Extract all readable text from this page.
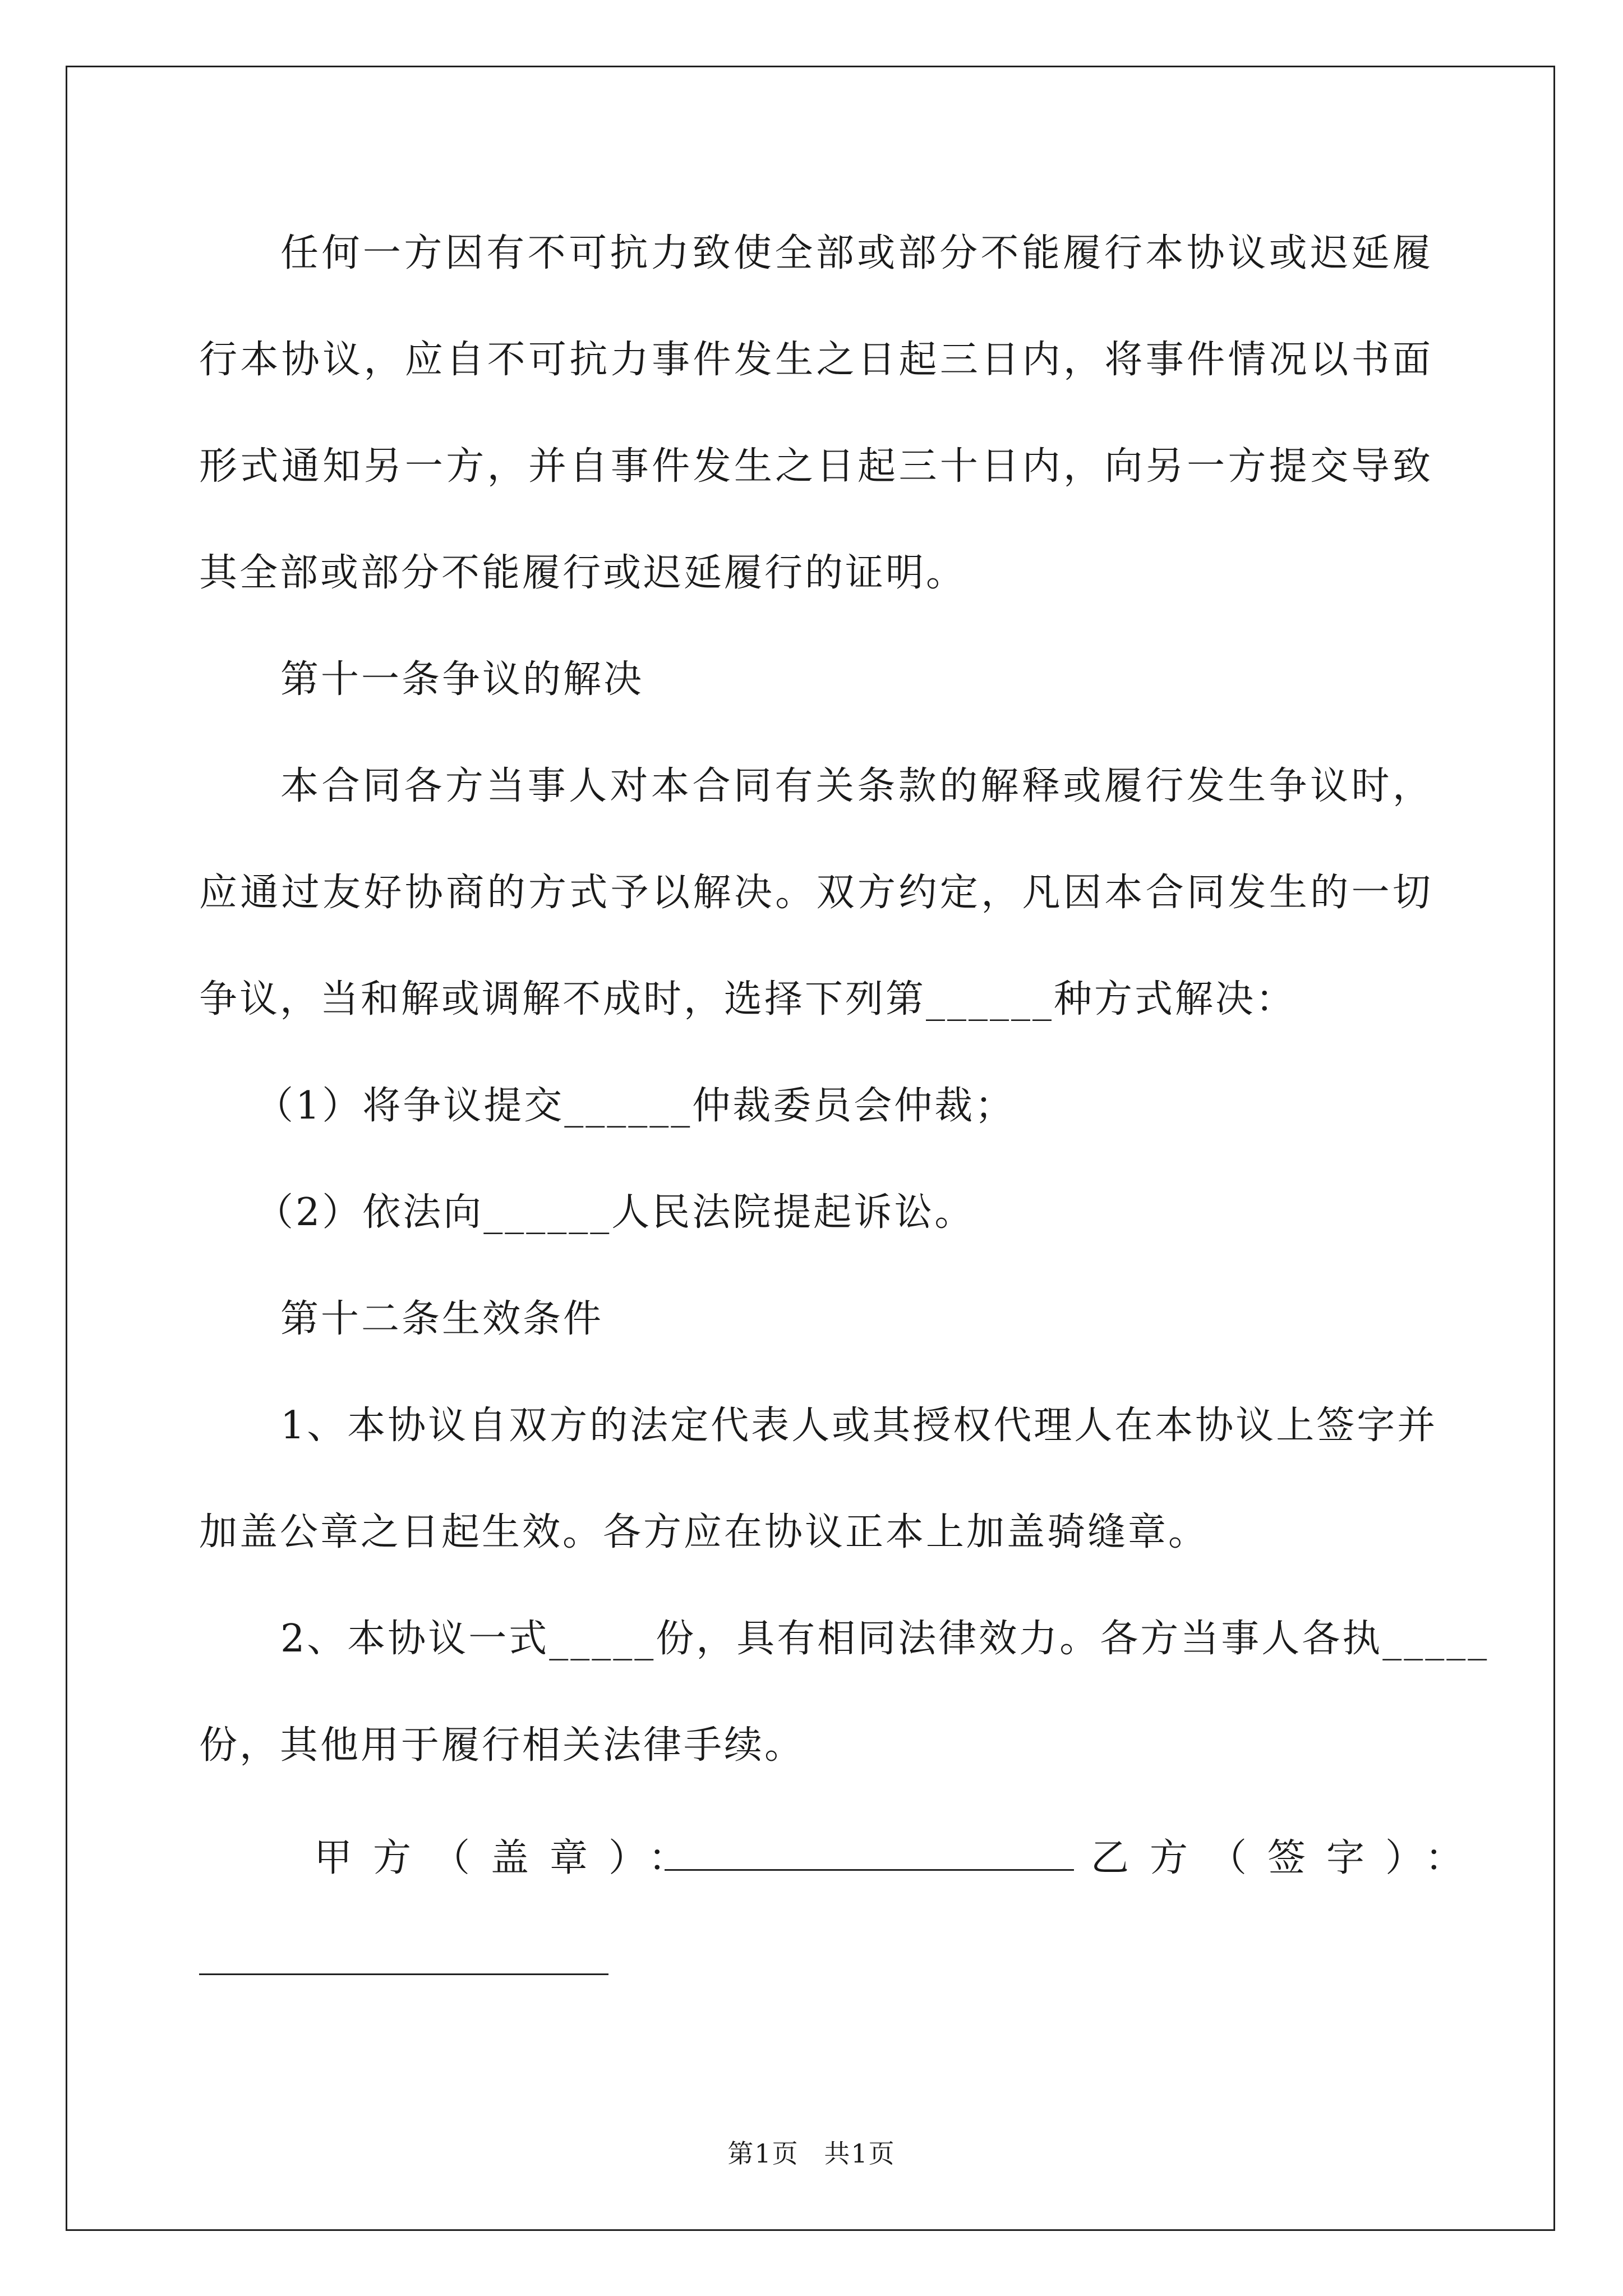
任何一方因有不可抗力致使全部或部分不能履行本协议或迟延履
行本协议，应自不可抗力事件发生之日起三日内，将事件情况以书面
形式通知另一方，并自事件发生之日起三十日内，向另一方提交导致
其全部或部分不能履行或迟延履行的证明。
第十一条争议的解决
本合同各方当事人对本合同有关条款的解释或履行发生争议时，
应通过友好协商的方式予以解决。双方约定，凡因本合同发生的一切
争议，当和解或调解不成时，选择下列第______种方式解决：
（1）将争议提交______仲裁委员会仲裁；
（2）依法向______人民法院提起诉讼。
第十二条生效条件
1、本协议自双方的法定代表人或其授权代理人在本协议上签字并
加盖公章之日起生效。各方应在协议正本上加盖骑缝章。
2、本协议一式_____份，具有相同法律效力。各方当事人各执_____
份，其他用于履行相关法律手续。
甲方（盖章）：	乙方（签字）：
第1页 共1页
